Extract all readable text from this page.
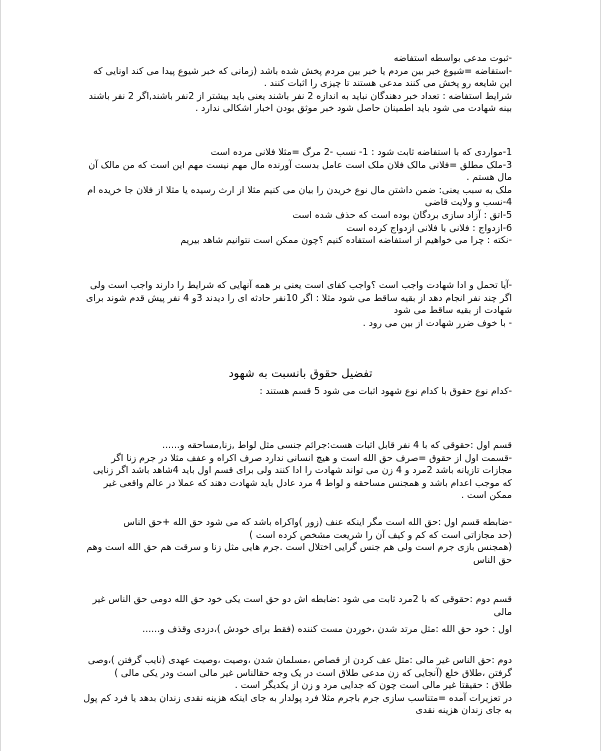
-ثبوت مدعی بواسطه استفاضه

-استفاضه =شیوع خبر بین مردم یا خبر بین مردم پخش شده باشد (زمانی که خبر شیوع پیدا می کند اونایی که این شایعه رو پخش می کنند مدعی هستند تا چیزی را اثبات کنند .

شرایط استفاضه : تعداد خبر دهندگان نباید به اندازه 2 نفر باشند یعنی باید بیشتر از 2نفر باشند,اگر 2 نفر باشند بینه شهادت می شود باید اطمینان حاصل شود خبر موثق بودن اخبار اشکالی ندارد .

1-مواردی که با استفاضه ثابت شود : 1- نسب -2 مرگ =مثلا فلانی مرده است

3-ملک مطلق =فلانی مالک فلان ملک است عامل بدست آورنده مال مهم نیست مهم این است که من مالک آن مال هستم .

ملک به سبب یعنی: ضمن داشتن مال نوع خریدن را بیان می کنیم مثلا از ارث رسیده یا مثلا از فلان جا خریده ام

4-نسب و ولایت قاضی

5-اتق : آزاد سازی بردگان بوده است که حذف شده است

6-ازدواج : فلانی با فلانی ازدواج کرده است

-نکته : چرا می خواهیم از استفاضه استفاده کنیم ؟چون ممکن است نتوانیم شاهد بیریم

-آیا تحمل و ادا شهادت واجب است ؟واجب کفای است یعنی بر همه آنهایی که شرایط را دارند واجب است ولی اگر چند نفر انجام دهد از بقیه ساقط می شود مثلا : اگر 10نفر حادثه ای را دیدند 3و 4 نفر پیش قدم شوند برای شهادت از بقیه ساقط می شود

- با خوف ضرر شهادت از بین می رود .

تفضیل حقوق بانسبت به شهود

-کدام نوع حقوق با کدام نوع شهود اثبات می شود 5 قسم هستند :

قسم اول :حقوقی که با 4 نفر قابل اثبات هست:جرائم جنسی مثل لواط ,زنا,مساحقه و......

-قسمت اول از حقوق =صرف حق الله است و هیچ انسانی ندارد صرف اکراه و عفف مثلا در جرم زنا اگر مجازات تازیانه باشد 2مرد و 4 زن می تواند شهادت را ادا کنند ولی برای قسم اول باید 4شاهد باشد اگر زنایی که موجب اعدام باشد و همجنس مساحقه و لواط 4 مرد عادل باید شهادت دهند که عملا در عالم واقعی غیر ممکن است .

-ضابطه قسم اول :حق الله است مگر اینکه عنف (زور )واکراه باشد که می شود حق الله +حق الناس

(حد مجازاتی است که کم و کیف آن را شریعت مشخص کرده است )

(همجنس بازی جرم است ولی هم جنس گرایی اختلال است .جرم هایی مثل زنا و سرقت هم حق الله است وهم حق الناس

قسم دوم :حقوقی که با 2مرد ثابت می شود :ضابطه اش دو حق است یکی خود حق الله دومی حق الناس غیر مالی

اول : خود حق الله :مثل مرتد شدن ،خوردن مست کننده (فقط برای خودش )،دزدی وقذف و......

دوم :حق الناس غیر مالی :مثل عف کردن از قصاص ،مسلمان شدن ،وصیت ،وصیت عهدی (نایب گرفتن )،وصی گرفتن ،طلاق خلع (آنجایی که زن مدعی طلاق است در یک وجه حقالناس غیر مالی است ودر یکی مالی )

طلاق : حقیقتا غیر مالی است چون که جدایی مرد و زن از یکدیگر است .

در تعزیرات آمده =متناسب سازی جرم باجرم مثلا فرد پولدار به جای اینکه هزینه نقدی زندان بدهد یا فرد کم پول به جای زندان هزینه نقدی
